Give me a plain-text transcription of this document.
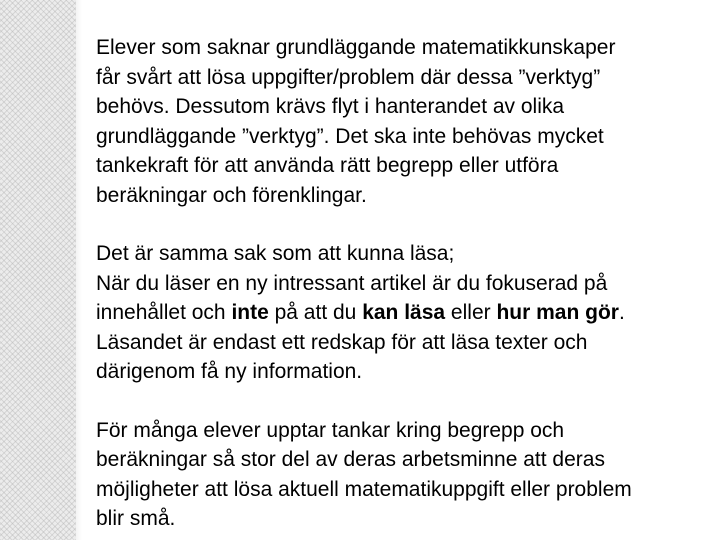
Elever som saknar grundläggande matematikkunskaper
får svårt att lösa uppgifter/problem där dessa ”verktyg”
behövs. Dessutom krävs flyt i hanterandet av olika
grundläggande ”verktyg”. Det ska inte behövas mycket
tankekraft för att använda rätt begrepp eller utföra
beräkningar och förenklingar.

Det är samma sak som att kunna läsa;
När du läser en ny intressant artikel är du fokuserad på
innehållet och inte på att du kan läsa eller hur man gör.
Läsandet är endast ett redskap för att läsa texter och
därigenom få ny information.

För många elever upptar tankar kring begrepp och
beräkningar så stor del av deras arbetsminne att deras
möjligheter att lösa aktuell matematikuppgift eller problem
blir små.
